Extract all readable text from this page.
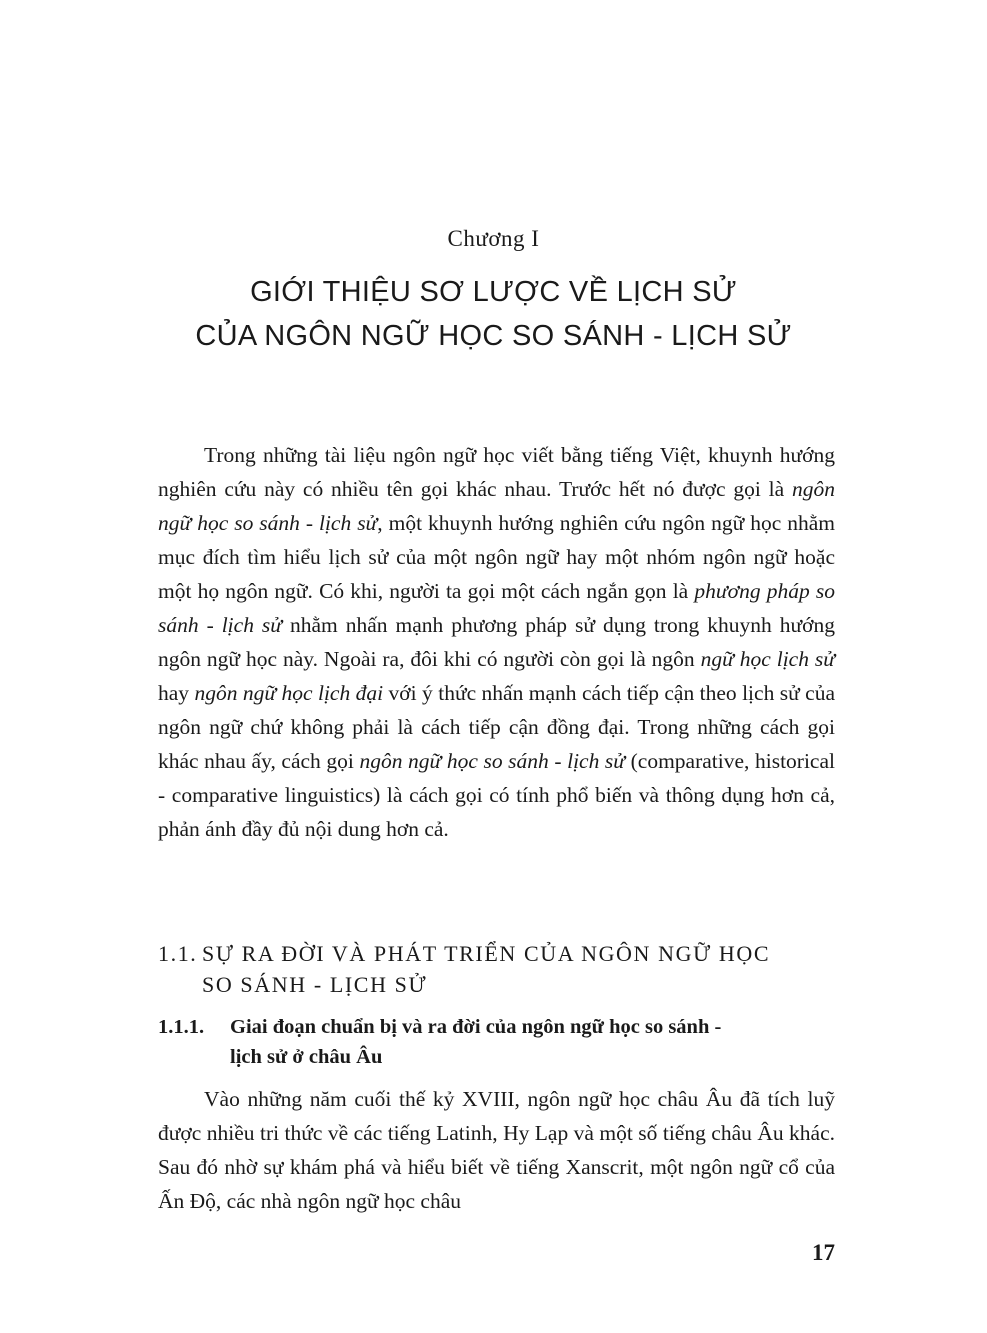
Chương I
GIỚI THIỆU SƠ LƯỢC VỀ LỊCH SỬ
CỦA NGÔN NGỮ HỌC SO SÁNH - LỊCH SỬ

Trong những tài liệu ngôn ngữ học viết bằng tiếng Việt, khuynh hướng nghiên cứu này có nhiều tên gọi khác nhau. Trước hết nó được gọi là ngôn ngữ học so sánh - lịch sử, một khuynh hướng nghiên cứu ngôn ngữ học nhằm mục đích tìm hiểu lịch sử của một ngôn ngữ hay một nhóm ngôn ngữ hoặc một họ ngôn ngữ. Có khi, người ta gọi một cách ngắn gọn là phương pháp so sánh - lịch sử nhằm nhấn mạnh phương pháp sử dụng trong khuynh hướng ngôn ngữ học này. Ngoài ra, đôi khi có người còn gọi là ngôn ngữ học lịch sử hay ngôn ngữ học lịch đại với ý thức nhấn mạnh cách tiếp cận theo lịch sử của ngôn ngữ chứ không phải là cách tiếp cận đồng đại. Trong những cách gọi khác nhau ấy, cách gọi ngôn ngữ học so sánh - lịch sử (comparative, historical - comparative linguistics) là cách gọi có tính phổ biến và thông dụng hơn cả, phản ánh đầy đủ nội dung hơn cả.

1.1. SỰ RA ĐỜI VÀ PHÁT TRIỂN CỦA NGÔN NGỮ HỌC
SO SÁNH - LỊCH SỬ
1.1.1. Giai đoạn chuẩn bị và ra đời của ngôn ngữ học so sánh -
lịch sử ở châu Âu

Vào những năm cuối thế kỷ XVIII, ngôn ngữ học châu Âu đã tích luỹ được nhiều tri thức về các tiếng Latinh, Hy Lạp và một số tiếng châu Âu khác. Sau đó nhờ sự khám phá và hiểu biết về tiếng Xanscrit, một ngôn ngữ cổ của Ấn Độ, các nhà ngôn ngữ học châu

17
